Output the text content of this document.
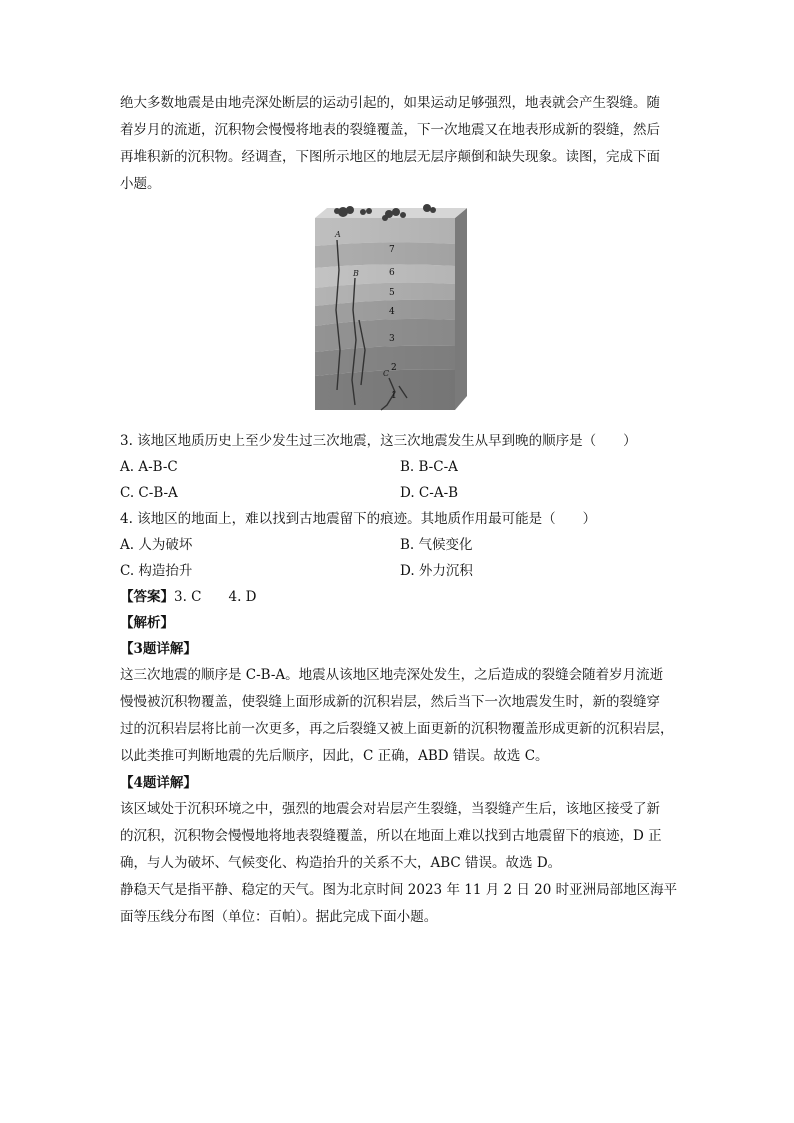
绝大多数地震是由地壳深处断层的运动引起的，如果运动足够强烈，地表就会产生裂缝。随

着岁月的流逝，沉积物会慢慢将地表的裂缝覆盖，下一次地震又在地表形成新的裂缝，然后

再堆积新的沉积物。经调查，下图所示地区的地层无层序颠倒和缺失现象。读图，完成下面

小题。

A
B
C
7
6
5
4
3
2
1

3. 该地区地质历史上至少发生过三次地震，这三次地震发生从早到晚的顺序是（　　）

A. A-B-C	B. B-C-A
C. C-B-A	D. C-A-B

4. 该地区的地面上，难以找到古地震留下的痕迹。其地质作用最可能是（　　）

A. 人为破坏	B. 气候变化
C. 构造抬升	D. 外力沉积

【答案】3. C　　4. D

【解析】

【3题详解】

这三次地震的顺序是 C-B-A。地震从该地区地壳深处发生，之后造成的裂缝会随着岁月流逝

慢慢被沉积物覆盖，使裂缝上面形成新的沉积岩层，然后当下一次地震发生时，新的裂缝穿

过的沉积岩层将比前一次更多，再之后裂缝又被上面更新的沉积物覆盖形成更新的沉积岩层，

以此类推可判断地震的先后顺序，因此，C 正确，ABD 错误。故选 C。

【4题详解】

该区域处于沉积环境之中，强烈的地震会对岩层产生裂缝，当裂缝产生后，该地区接受了新

的沉积，沉积物会慢慢地将地表裂缝覆盖，所以在地面上难以找到古地震留下的痕迹，D 正

确，与人为破坏、气候变化、构造抬升的关系不大，ABC 错误。故选 D。

静稳天气是指平静、稳定的天气。图为北京时间 2023 年 11 月 2 日 20 时亚洲局部地区海平

面等压线分布图（单位：百帕）。据此完成下面小题。
